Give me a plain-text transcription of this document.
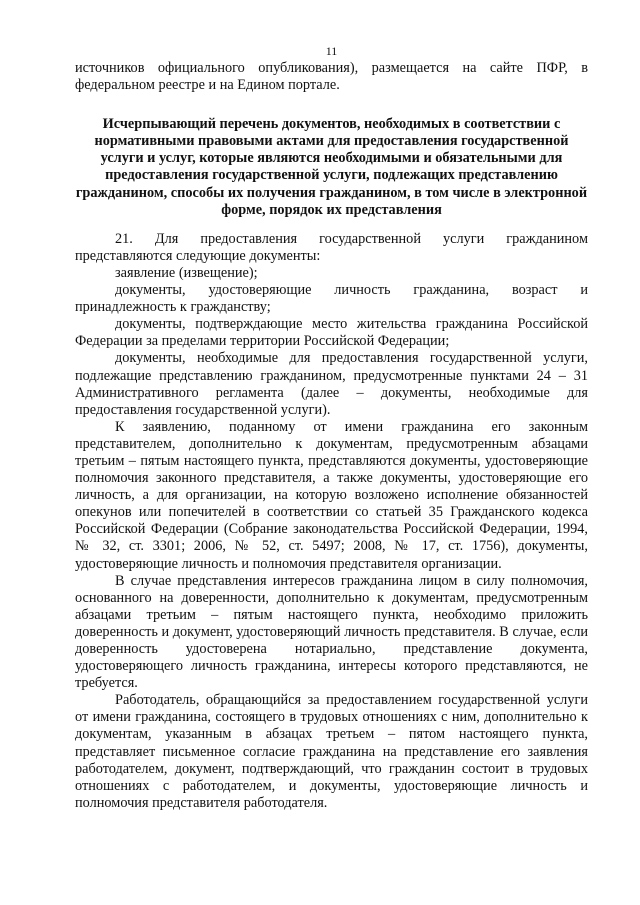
11

источников официального опубликования), размещается на сайте ПФР, в федеральном реестре и на Едином портале.

Исчерпывающий перечень документов, необходимых в соответствии с нормативными правовыми актами для предоставления государственной услуги и услуг, которые являются необходимыми и обязательными для предоставления государственной услуги, подлежащих представлению гражданином, способы их получения гражданином, в том числе в электронной форме, порядок их представления

21. Для предоставления государственной услуги гражданином представляются следующие документы:

заявление (извещение);

документы, удостоверяющие личность гражданина, возраст и принадлежность к гражданству;

документы, подтверждающие место жительства гражданина Российской Федерации за пределами территории Российской Федерации;

документы, необходимые для предоставления государственной услуги, подлежащие представлению гражданином, предусмотренные пунктами 24 – 31 Административного регламента (далее – документы, необходимые для предоставления государственной услуги).

К заявлению, поданному от имени гражданина его законным представителем, дополнительно к документам, предусмотренным абзацами третьим – пятым настоящего пункта, представляются документы, удостоверяющие полномочия законного представителя, а также документы, удостоверяющие его личность, а для организации, на которую возложено исполнение обязанностей опекунов или попечителей в соответствии со статьей 35 Гражданского кодекса Российской Федерации (Собрание законодательства Российской Федерации, 1994, № 32, ст. 3301; 2006, № 52, ст. 5497; 2008, № 17, ст. 1756), документы, удостоверяющие личность и полномочия представителя организации.

В случае представления интересов гражданина лицом в силу полномочия, основанного на доверенности, дополнительно к документам, предусмотренным абзацами третьим – пятым настоящего пункта, необходимо приложить доверенность и документ, удостоверяющий личность представителя. В случае, если доверенность удостоверена нотариально, представление документа, удостоверяющего личность гражданина, интересы которого представляются, не требуется.

Работодатель, обращающийся за предоставлением государственной услуги от имени гражданина, состоящего в трудовых отношениях с ним, дополнительно к документам, указанным в абзацах третьем – пятом настоящего пункта, представляет письменное согласие гражданина на представление его заявления работодателем, документ, подтверждающий, что гражданин состоит в трудовых отношениях с работодателем, и документы, удостоверяющие личность и полномочия представителя работодателя.
